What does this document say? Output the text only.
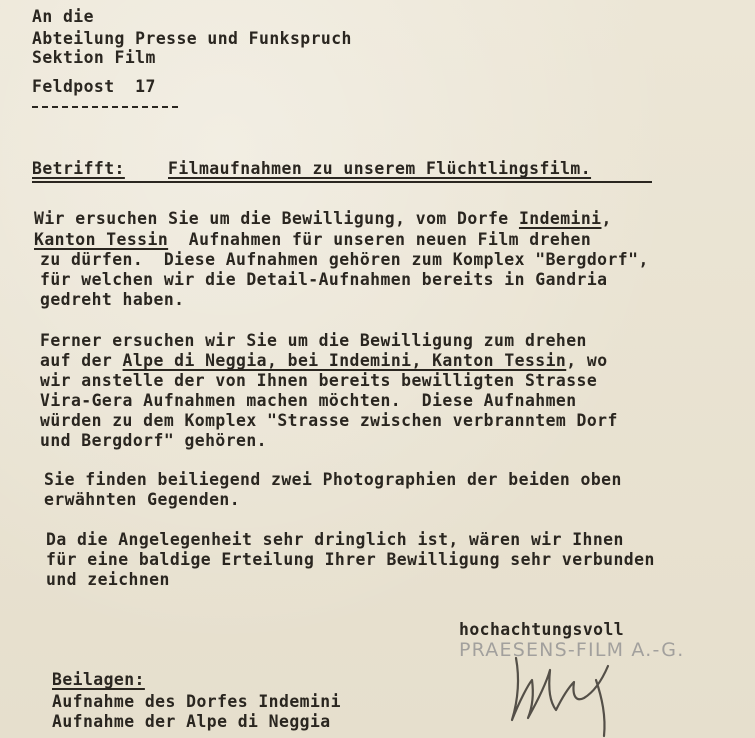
An die
Abteilung Presse und Funkspruch
Sektion Film
Feldpost  17
Betrifft:	Filmaufnahmen zu unserem Flüchtlingsfilm.
Wir ersuchen Sie um die Bewilligung, vom Dorfe Indemini,
Kanton Tessin  Aufnahmen für unseren neuen Film drehen
zu dürfen.  Diese Aufnahmen gehören zum Komplex "Bergdorf",
für welchen wir die Detail-Aufnahmen bereits in Gandria
gedreht haben.
Ferner ersuchen wir Sie um die Bewilligung zum drehen
auf der Alpe di Neggia, bei Indemini, Kanton Tessin, wo
wir anstelle der von Ihnen bereits bewilligten Strasse
Vira-Gera Aufnahmen machen möchten.  Diese Aufnahmen
würden zu dem Komplex "Strasse zwischen verbranntem Dorf
und Bergdorf" gehören.
Sie finden beiliegend zwei Photographien der beiden oben
erwähnten Gegenden.
Da die Angelegenheit sehr dringlich ist, wären wir Ihnen
für eine baldige Erteilung Ihrer Bewilligung sehr verbunden
und zeichnen
hochachtungsvoll
PRAESENS-FILM A.-G.
Beilagen:
Aufnahme des Dorfes Indemini
Aufnahme der Alpe di Neggia
